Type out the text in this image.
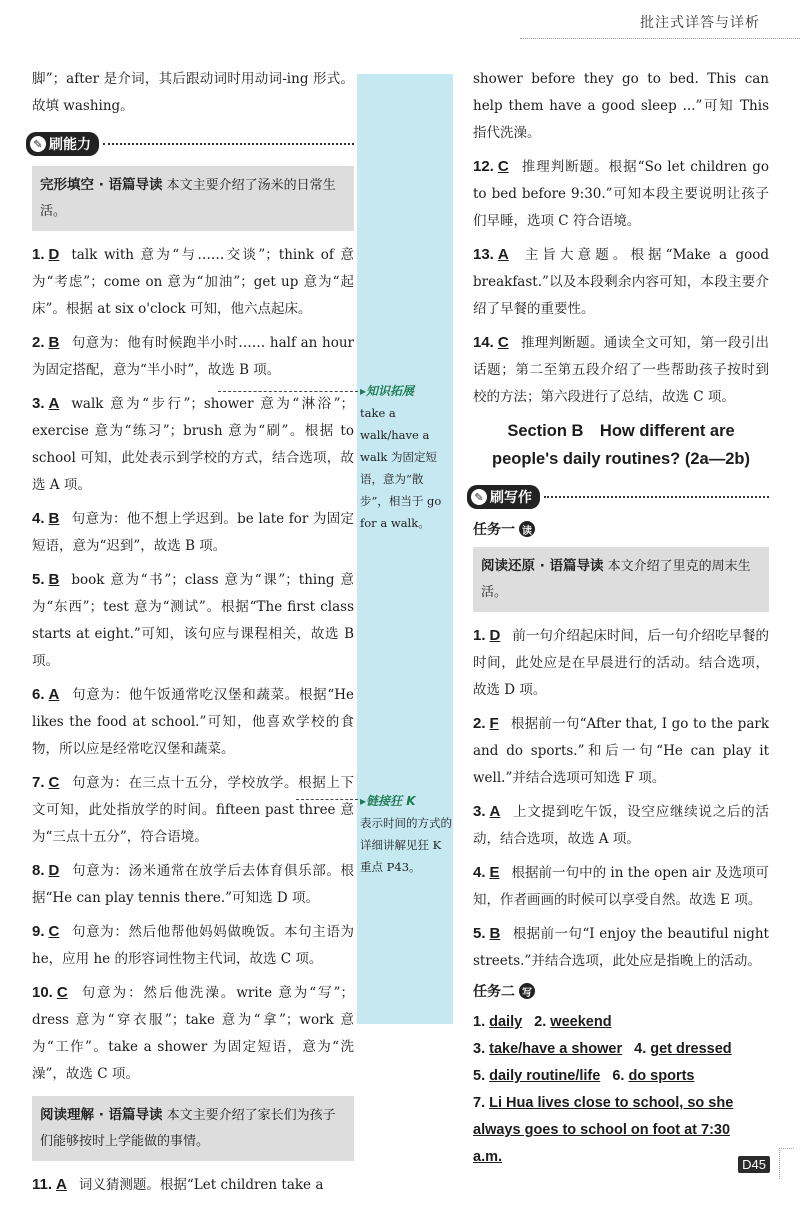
批注式详答与详析

脚”；after 是介词，其后跟动词时用动词-ing 形式。故填 washing。

✎ 刷能力
完形填空 · 语篇导读 本文主要介绍了汤米的日常生活。
1. D talk with 意为“与……交谈”；think of 意为“考虑”；come on 意为“加油”；get up 意为“起床”。根据 at six o'clock 可知，他六点起床。
2. B 句意为：他有时候跑半小时…… half an hour 为固定搭配，意为“半小时”，故选 B 项。
3. A walk 意为“步行”；shower 意为“淋浴”；exercise 意为“练习”；brush 意为“刷”。根据 to school 可知，此处表示到学校的方式，结合选项，故选 A 项。
4. B 句意为：他不想上学迟到。be late for 为固定短语，意为“迟到”，故选 B 项。
5. B book 意为“书”；class 意为“课”；thing 意为“东西”；test 意为“测试”。根据“The first class starts at eight.”可知，该句应与课程相关，故选 B 项。
6. A 句意为：他午饭通常吃汉堡和蔬菜。根据“He likes the food at school.”可知，他喜欢学校的食物，所以应是经常吃汉堡和蔬菜。
7. C 句意为：在三点十五分，学校放学。根据上下文可知，此处指放学的时间。fifteen past three 意为“三点十五分”，符合语境。
8. D 句意为：汤米通常在放学后去体育俱乐部。根据“He can play tennis there.”可知选 D 项。
9. C 句意为：然后他帮他妈妈做晚饭。本句主语为 he，应用 he 的形容词性物主代词，故选 C 项。
10. C 句意为：然后他洗澡。write 意为“写”；dress 意为“穿衣服”；take 意为“拿”；work 意为“工作”。take a shower 为固定短语，意为“洗澡”，故选 C 项。
阅读理解 · 语篇导读 本文主要介绍了家长们为孩子们能够按时上学能做的事情。
11. A 词义猜测题。根据“Let children take a
▸知识拓展
take a walk/have a walk 为固定短语，意为“散步”，相当于 go for a walk。
▸链接狂 K
表示时间的方式的详细讲解见狂 K 重点 P43。

shower before they go to bed. This can help them have a good sleep ...”可知 This 指代洗澡。

12. C 推理判断题。根据“So let children go to bed before 9:30.”可知本段主要说明让孩子们早睡，选项 C 符合语境。
13. A 主旨大意题。根据“Make a good breakfast.”以及本段剩余内容可知，本段主要介绍了早餐的重要性。
14. C 推理判断题。通读全文可知，第一段引出话题；第二至第五段介绍了一些帮助孩子按时到校的方法；第六段进行了总结，故选 C 项。
Section B　How different are people's daily routines? (2a—2b)
✎ 刷写作
任务一 读
阅读还原 · 语篇导读 本文介绍了里克的周末生活。
1. D 前一句介绍起床时间，后一句介绍吃早餐的时间，此处应是在早晨进行的活动。结合选项，故选 D 项。
2. F 根据前一句“After that, I go to the park and do sports.”和后一句“He can play it well.”并结合选项可知选 F 项。
3. A 上文提到吃午饭，设空应继续说之后的活动，结合选项，故选 A 项。
4. E 根据前一句中的 in the open air 及选项可知，作者画画的时候可以享受自然。故选 E 项。
5. B 根据前一句“I enjoy the beautiful night streets.”并结合选项，此处应是指晚上的活动。
任务二 写
1. daily 2. weekend
3. take/have a shower 4. get dressed
5. daily routine/life 6. do sports
7. Li Hua lives close to school, so she always goes to school on foot at 7:30 a.m.	D45
